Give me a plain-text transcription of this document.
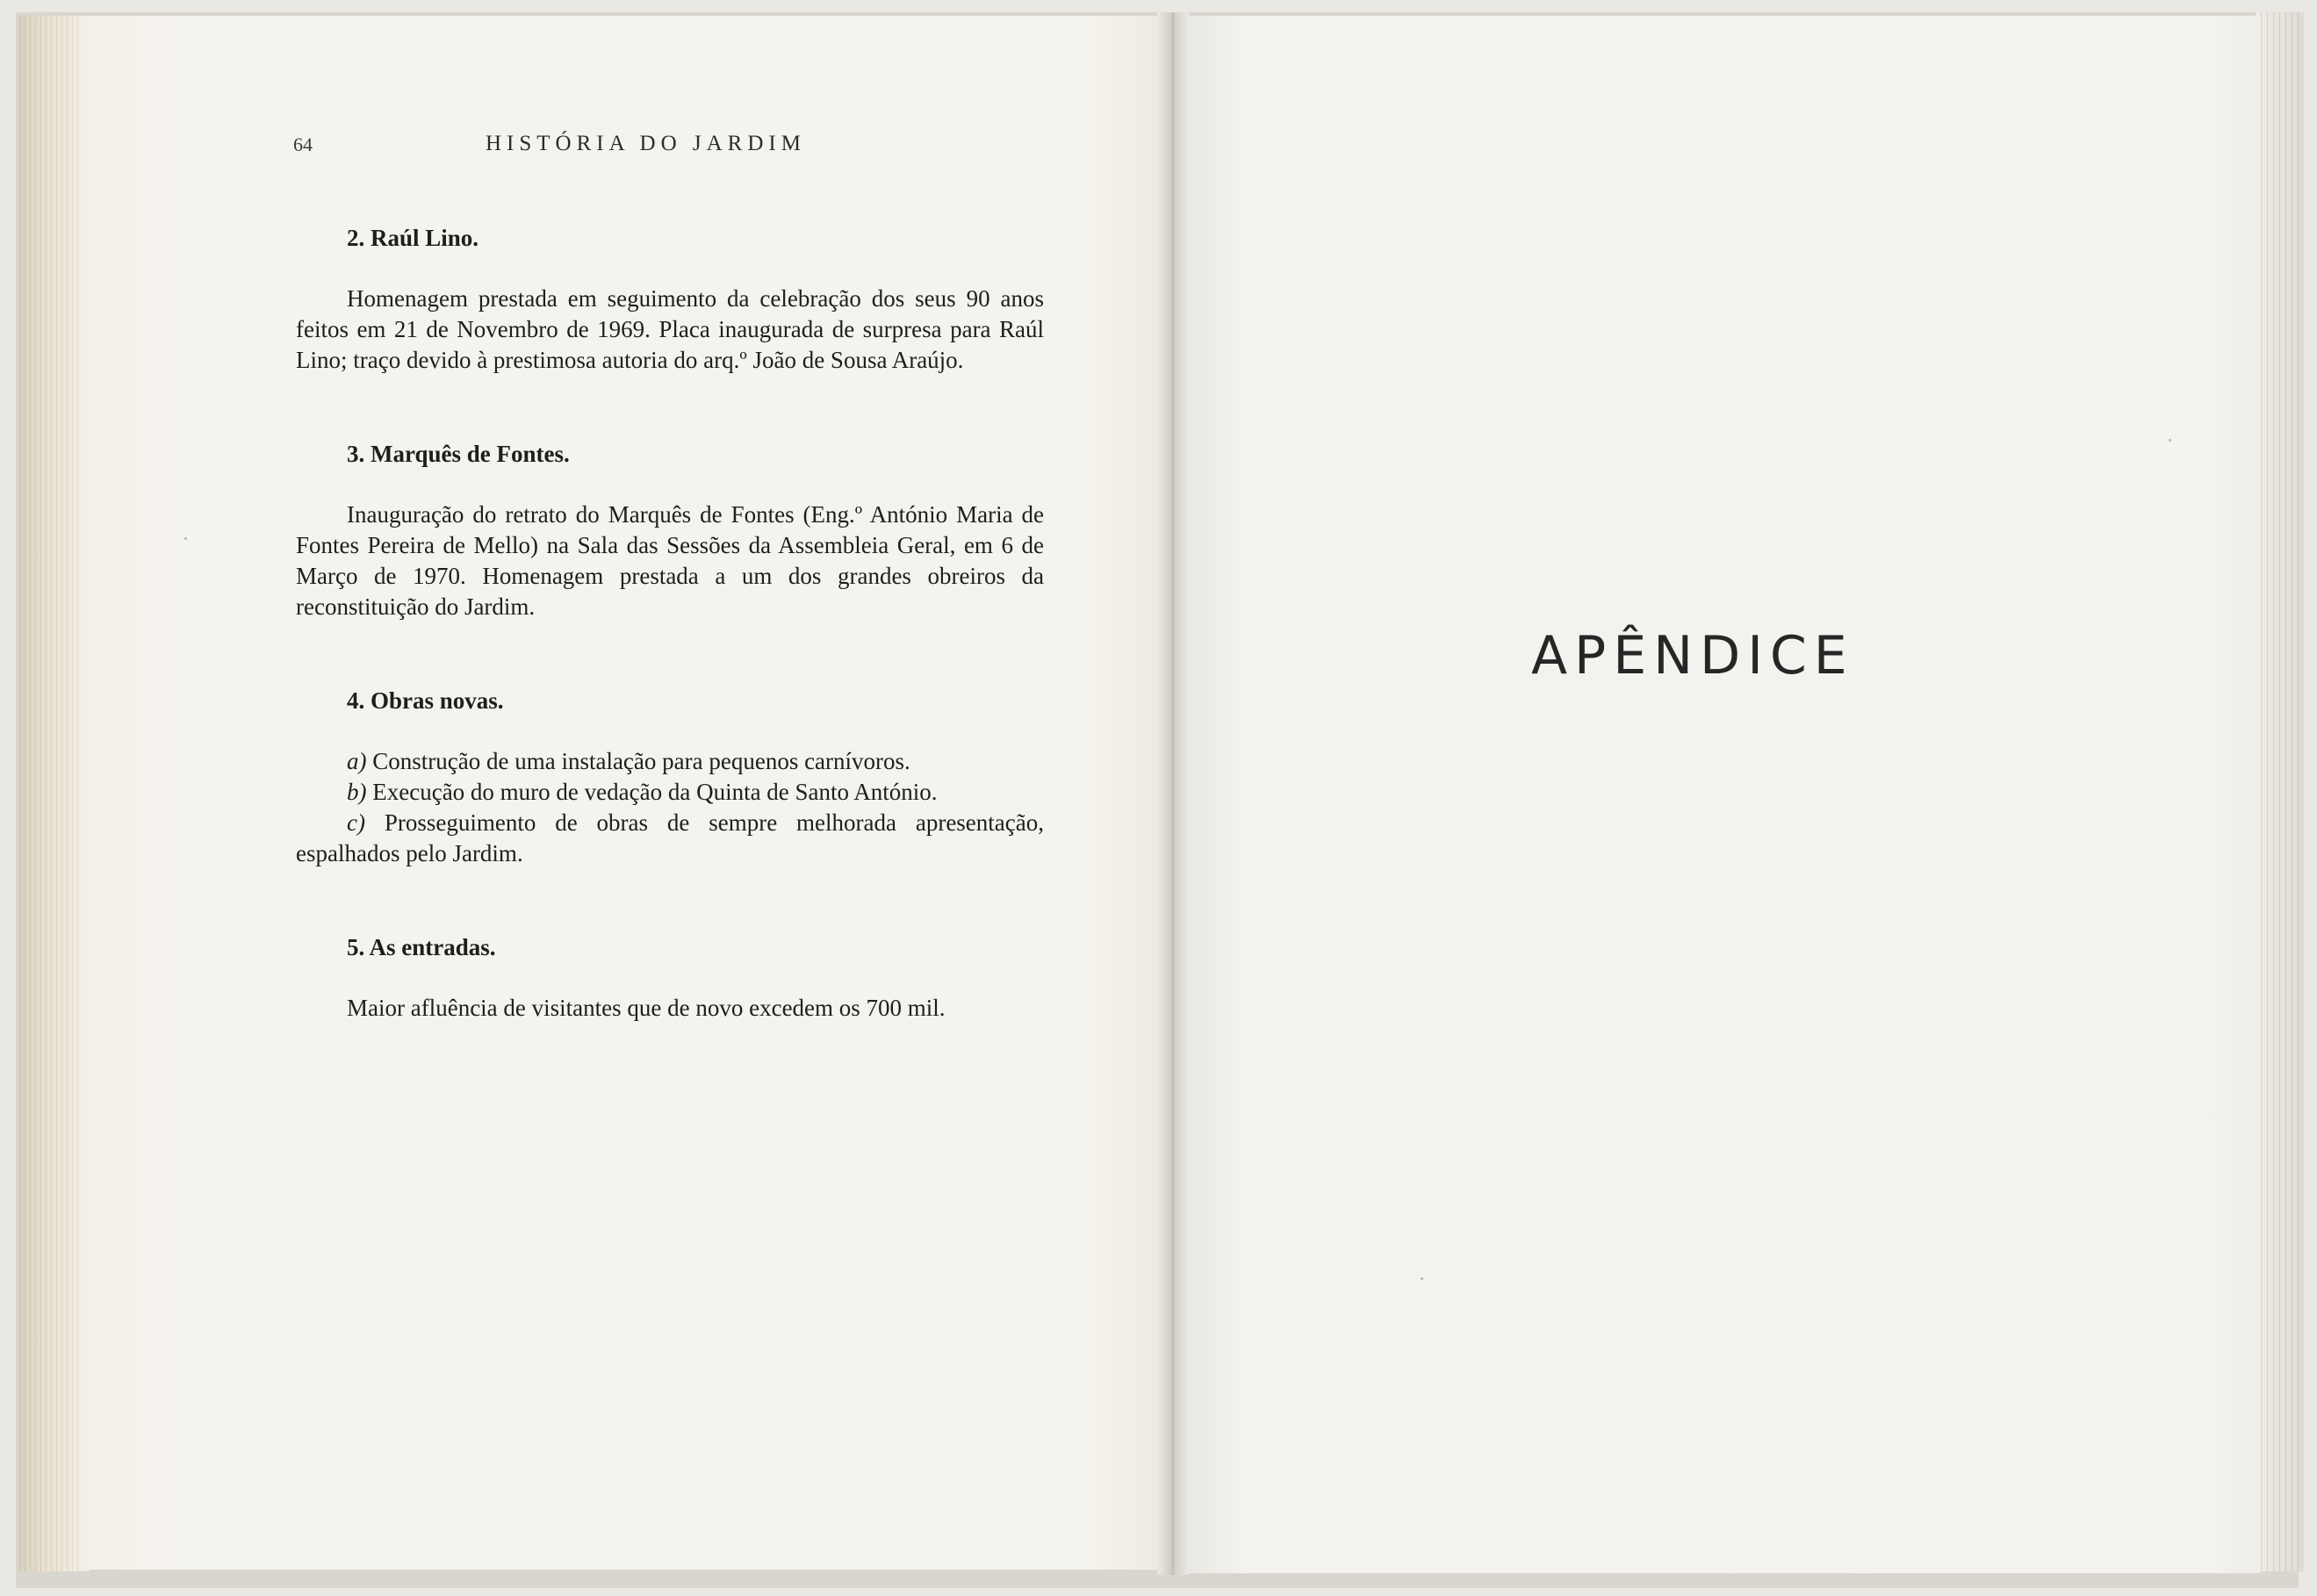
64	HISTÓRIA DO JARDIM
2. Raúl Lino.

Homenagem prestada em seguimento da celebração dos seus 90 anos feitos em 21 de Novembro de 1969. Placa inaugurada de surpresa para Raúl Lino; traço devido à prestimosa autoria do arq.º João de Sousa Araújo.

3. Marquês de Fontes.

Inauguração do retrato do Marquês de Fontes (Eng.º António Maria de Fontes Pereira de Mello) na Sala das Sessões da Assembleia Geral, em 6 de Março de 1970. Homenagem prestada a um dos grandes obreiros da reconstituição do Jardim.

4. Obras novas.

a) Construção de uma instalação para pequenos carnívoros.

b) Execução do muro de vedação da Quinta de Santo António.

c) Prosseguimento de obras de sempre melhorada apresentação, espalhados pelo Jardim.

5. As entradas.

Maior afluência de visitantes que de novo excedem os 700 mil.

APÊNDICE
